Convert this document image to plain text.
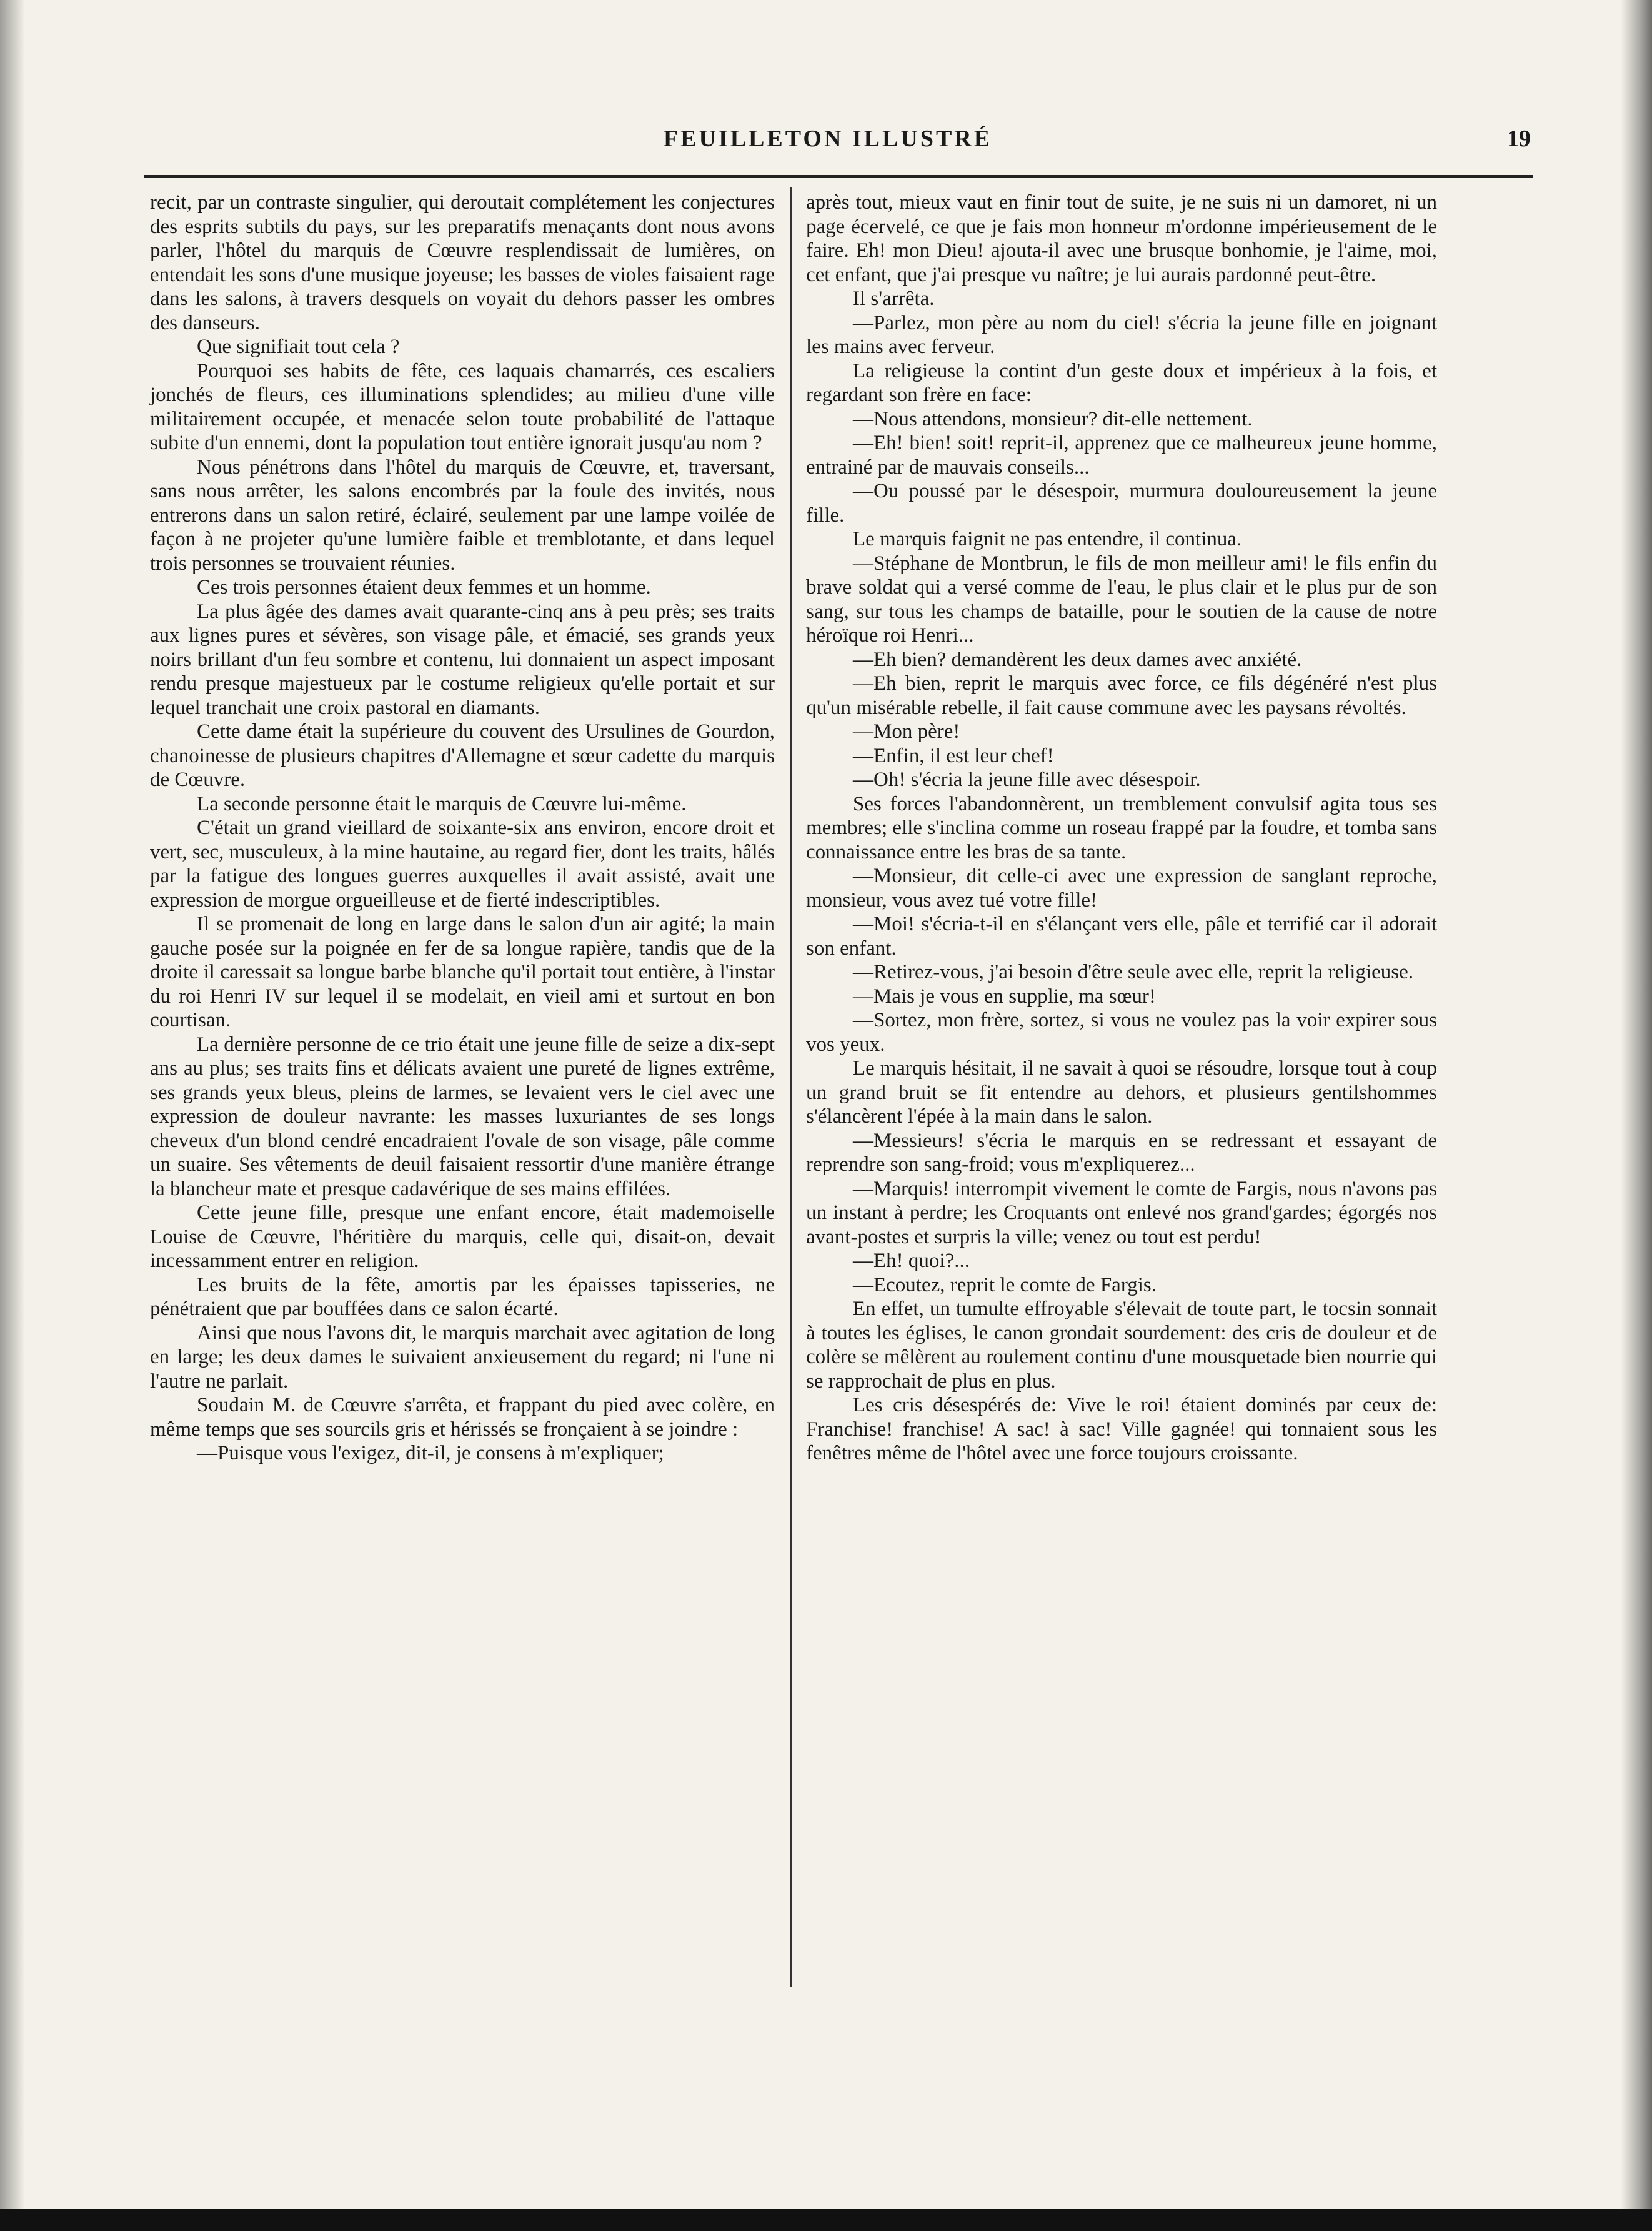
FEUILLETON ILLUSTRÉ	19

recit, par un contraste singulier, qui deroutait complétement les conjectures des esprits subtils du pays, sur les preparatifs menaçants dont nous avons parler, l'hôtel du marquis de Cœuvre resplendissait de lumières, on entendait les sons d'une musique joyeuse; les basses de violes faisaient rage dans les salons, à travers desquels on voyait du dehors passer les ombres des danseurs.

Que signifiait tout cela ?

Pourquoi ses habits de fête, ces laquais chamarrés, ces escaliers jonchés de fleurs, ces illuminations splendides; au milieu d'une ville militairement occupée, et menacée selon toute probabilité de l'attaque subite d'un ennemi, dont la population tout entière ignorait jusqu'au nom ?

Nous pénétrons dans l'hôtel du marquis de Cœuvre, et, traversant, sans nous arrêter, les salons encombrés par la foule des invités, nous entrerons dans un salon retiré, éclairé, seulement par une lampe voilée de façon à ne projeter qu'une lumière faible et tremblotante, et dans lequel trois personnes se trouvaient réunies.

Ces trois personnes étaient deux femmes et un homme.

La plus âgée des dames avait quarante-cinq ans à peu près; ses traits aux lignes pures et sévères, son visage pâle, et émacié, ses grands yeux noirs brillant d'un feu sombre et contenu, lui donnaient un aspect imposant rendu presque majestueux par le costume religieux qu'elle portait et sur lequel tranchait une croix pastoral en diamants.

Cette dame était la supérieure du couvent des Ursulines de Gourdon, chanoinesse de plusieurs chapitres d'Allemagne et sœur cadette du marquis de Cœuvre.

La seconde personne était le marquis de Cœuvre lui-même.

C'était un grand vieillard de soixante-six ans environ, encore droit et vert, sec, musculeux, à la mine hautaine, au regard fier, dont les traits, hâlés par la fatigue des longues guerres auxquelles il avait assisté, avait une expression de morgue orgueilleuse et de fierté indescriptibles.

Il se promenait de long en large dans le salon d'un air agité; la main gauche posée sur la poignée en fer de sa longue rapière, tandis que de la droite il caressait sa longue barbe blanche qu'il portait tout entière, à l'instar du roi Henri IV sur lequel il se modelait, en vieil ami et surtout en bon courtisan.

La dernière personne de ce trio était une jeune fille de seize a dix-sept ans au plus; ses traits fins et délicats avaient une pureté de lignes extrême, ses grands yeux bleus, pleins de larmes, se levaient vers le ciel avec une expression de douleur navrante: les masses luxuriantes de ses longs cheveux d'un blond cendré encadraient l'ovale de son visage, pâle comme un suaire. Ses vêtements de deuil faisaient ressortir d'une manière étrange la blancheur mate et presque cadavérique de ses mains effilées.

Cette jeune fille, presque une enfant encore, était mademoiselle Louise de Cœuvre, l'héritière du marquis, celle qui, disait-on, devait incessamment entrer en religion.

Les bruits de la fête, amortis par les épaisses tapisseries, ne pénétraient que par bouffées dans ce salon écarté.

Ainsi que nous l'avons dit, le marquis marchait avec agitation de long en large; les deux dames le suivaient anxieusement du regard; ni l'une ni l'autre ne parlait.

Soudain M. de Cœuvre s'arrêta, et frappant du pied avec colère, en même temps que ses sourcils gris et hérissés se fronçaient à se joindre :

—Puisque vous l'exigez, dit-il, je consens à m'expliquer;

après tout, mieux vaut en finir tout de suite, je ne suis ni un damoret, ni un page écervelé, ce que je fais mon honneur m'ordonne impérieusement de le faire. Eh! mon Dieu! ajouta-il avec une brusque bonhomie, je l'aime, moi, cet enfant, que j'ai presque vu naître; je lui aurais pardonné peut-être.

Il s'arrêta.

—Parlez, mon père au nom du ciel! s'écria la jeune fille en joignant les mains avec ferveur.

La religieuse la contint d'un geste doux et impérieux à la fois, et regardant son frère en face:

—Nous attendons, monsieur? dit-elle nettement.

—Eh! bien! soit! reprit-il, apprenez que ce malheureux jeune homme, entrainé par de mauvais conseils...

—Ou poussé par le désespoir, murmura douloureusement la jeune fille.

Le marquis faignit ne pas entendre, il continua.

—Stéphane de Montbrun, le fils de mon meilleur ami! le fils enfin du brave soldat qui a versé comme de l'eau, le plus clair et le plus pur de son sang, sur tous les champs de bataille, pour le soutien de la cause de notre héroïque roi Henri...

—Eh bien? demandèrent les deux dames avec anxiété.

—Eh bien, reprit le marquis avec force, ce fils dégénéré n'est plus qu'un misérable rebelle, il fait cause commune avec les paysans révoltés.

—Mon père!

—Enfin, il est leur chef!

—Oh! s'écria la jeune fille avec désespoir.

Ses forces l'abandonnèrent, un tremblement convulsif agita tous ses membres; elle s'inclina comme un roseau frappé par la foudre, et tomba sans connaissance entre les bras de sa tante.

—Monsieur, dit celle-ci avec une expression de sanglant reproche, monsieur, vous avez tué votre fille!

—Moi! s'écria-t-il en s'élançant vers elle, pâle et terrifié car il adorait son enfant.

—Retirez-vous, j'ai besoin d'être seule avec elle, reprit la religieuse.

—Mais je vous en supplie, ma sœur!

—Sortez, mon frère, sortez, si vous ne voulez pas la voir expirer sous vos yeux.

Le marquis hésitait, il ne savait à quoi se résoudre, lorsque tout à coup un grand bruit se fit entendre au dehors, et plusieurs gentilshommes s'élancèrent l'épée à la main dans le salon.

—Messieurs! s'écria le marquis en se redressant et essayant de reprendre son sang-froid; vous m'expliquerez...

—Marquis! interrompit vivement le comte de Fargis, nous n'avons pas un instant à perdre; les Croquants ont enlevé nos grand'gardes; égorgés nos avant-postes et surpris la ville; venez ou tout est perdu!

—Eh! quoi?...

—Ecoutez, reprit le comte de Fargis.

En effet, un tumulte effroyable s'élevait de toute part, le tocsin sonnait à toutes les églises, le canon grondait sourdement: des cris de douleur et de colère se mêlèrent au roulement continu d'une mousquetade bien nourrie qui se rapprochait de plus en plus.

Les cris désespérés de: Vive le roi! étaient dominés par ceux de: Franchise! franchise! A sac! à sac! Ville gagnée! qui tonnaient sous les fenêtres même de l'hôtel avec une force toujours croissante.
